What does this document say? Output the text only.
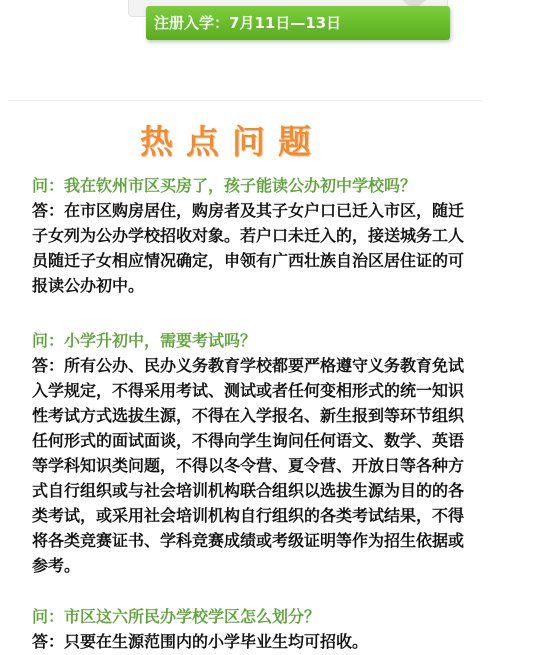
注册入学：7月11日—13日
热点问题
问：我在钦州市区买房了，孩子能读公办初中学校吗？
答：在市区购房居住，购房者及其子女户口已迁入市区，随迁子女列为公办学校招收对象。若户口未迁入的，接送城务工人员随迁子女相应情况确定，申领有广西壮族自治区居住证的可报读公办初中。
问：小学升初中，需要考试吗？
答：所有公办、民办义务教育学校都要严格遵守义务教育免试入学规定，不得采用考试、测试或者任何变相形式的统一知识性考试方式选拔生源，不得在入学报名、新生报到等环节组织任何形式的面试面谈，不得向学生询问任何语文、数学、英语等学科知识类问题，不得以冬令营、夏令营、开放日等各种方式自行组织或与社会培训机构联合组织以选拔生源为目的的各类考试，或采用社会培训机构自行组织的各类考试结果，不得将各类竞赛证书、学科竞赛成绩或考级证明等作为招生依据或参考。
问：市区这六所民办学校学区怎么划分？
答：只要在生源范围内的小学毕业生均可招收。
